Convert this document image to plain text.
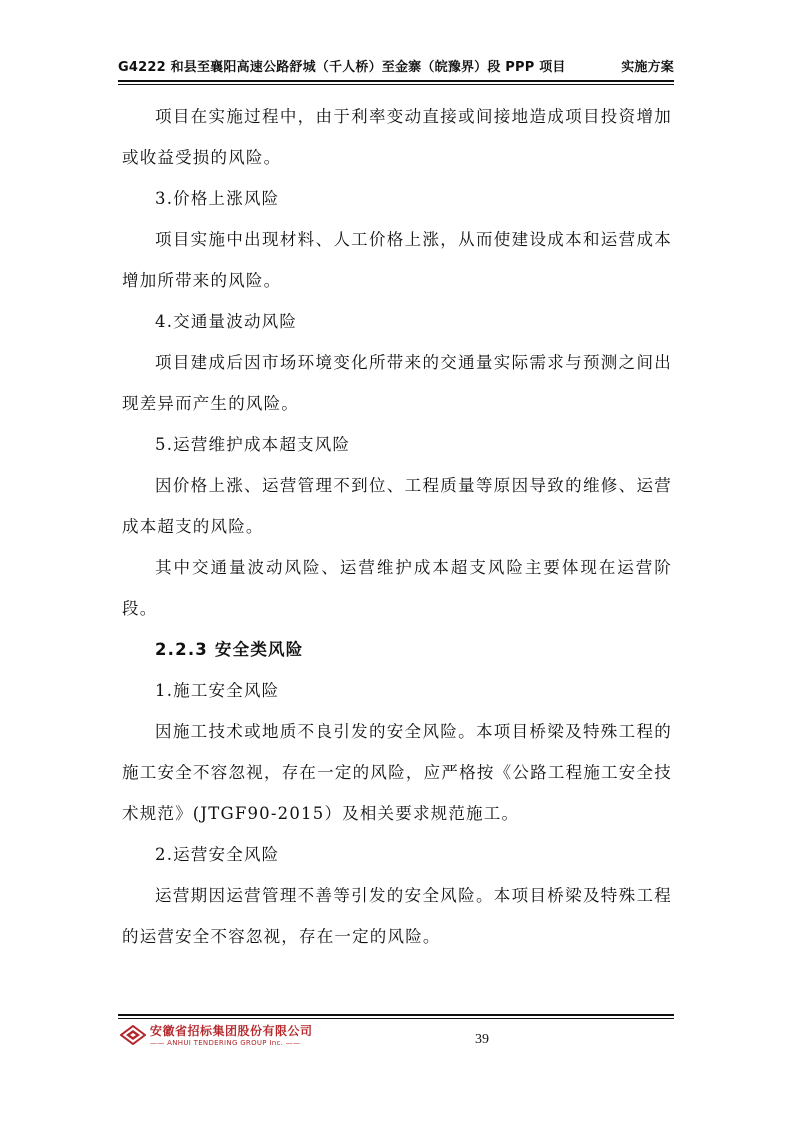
G4222 和县至襄阳高速公路舒城（千人桥）至金寨（皖豫界）段 PPP 项目	实施方案

项目在实施过程中，由于利率变动直接或间接地造成项目投资增加或收益受损的风险。

3.价格上涨风险

项目实施中出现材料、人工价格上涨，从而使建设成本和运营成本增加所带来的风险。

4.交通量波动风险

项目建成后因市场环境变化所带来的交通量实际需求与预测之间出现差异而产生的风险。

5.运营维护成本超支风险

因价格上涨、运营管理不到位、工程质量等原因导致的维修、运营成本超支的风险。

其中交通量波动风险、运营维护成本超支风险主要体现在运营阶段。

2.2.3 安全类风险

1.施工安全风险

因施工技术或地质不良引发的安全风险。本项目桥梁及特殊工程的施工安全不容忽视，存在一定的风险，应严格按《公路工程施工安全技术规范》(JTGF90-2015）及相关要求规范施工。

2.运营安全风险

运营期因运营管理不善等引发的安全风险。本项目桥梁及特殊工程的运营安全不容忽视，存在一定的风险。

安徽省招标集团股份有限公司
—— ANHUI TENDERING GROUP Inc. ——	39
